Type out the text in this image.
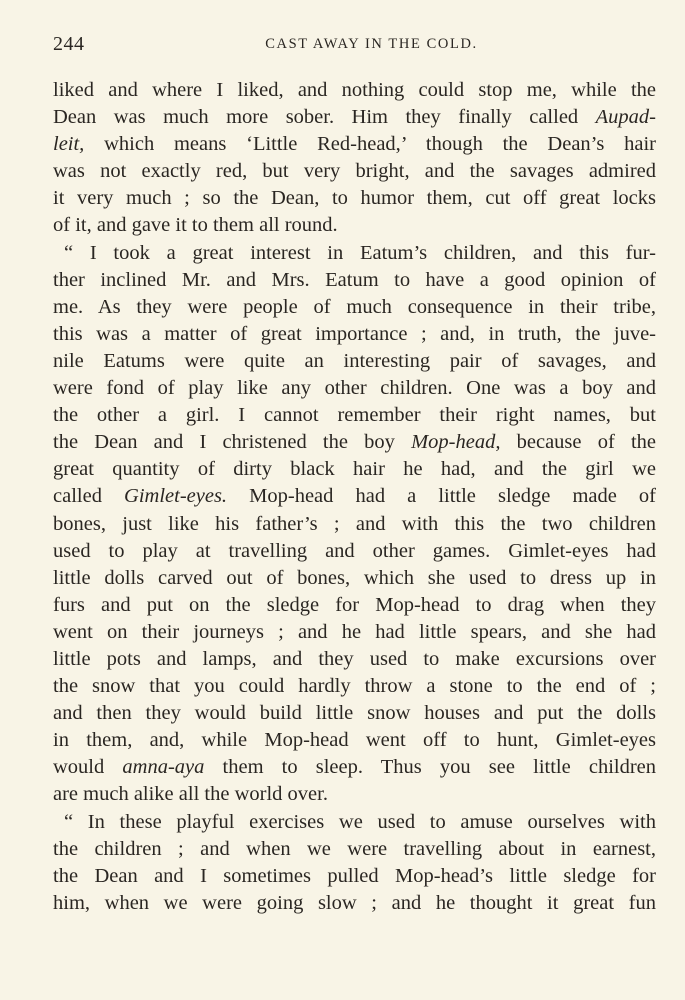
244	CAST AWAY IN THE COLD.
liked and where I liked, and nothing could stop me, while the
Dean was much more sober. Him they finally called Aupad-
leit, which means ‘Little Red-head,’ though the Dean’s hair
was not exactly red, but very bright, and the savages admired
it very much ; so the Dean, to humor them, cut off great locks
of it, and gave it to them all round.
“ I took a great interest in Eatum’s children, and this fur-
ther inclined Mr. and Mrs. Eatum to have a good opinion of
me. As they were people of much consequence in their tribe,
this was a matter of great importance ; and, in truth, the juve-
nile Eatums were quite an interesting pair of savages, and
were fond of play like any other children. One was a boy and
the other a girl. I cannot remember their right names, but
the Dean and I christened the boy Mop-head, because of the
great quantity of dirty black hair he had, and the girl we
called Gimlet-eyes. Mop-head had a little sledge made of
bones, just like his father’s ; and with this the two children
used to play at travelling and other games. Gimlet-eyes had
little dolls carved out of bones, which she used to dress up in
furs and put on the sledge for Mop-head to drag when they
went on their journeys ; and he had little spears, and she had
little pots and lamps, and they used to make excursions over
the snow that you could hardly throw a stone to the end of ;
and then they would build little snow houses and put the dolls
in them, and, while Mop-head went off to hunt, Gimlet-eyes
would amna-aya them to sleep. Thus you see little children
are much alike all the world over.
“ In these playful exercises we used to amuse ourselves with
the children ; and when we were travelling about in earnest,
the Dean and I sometimes pulled Mop-head’s little sledge for
him, when we were going slow ; and he thought it great fun
